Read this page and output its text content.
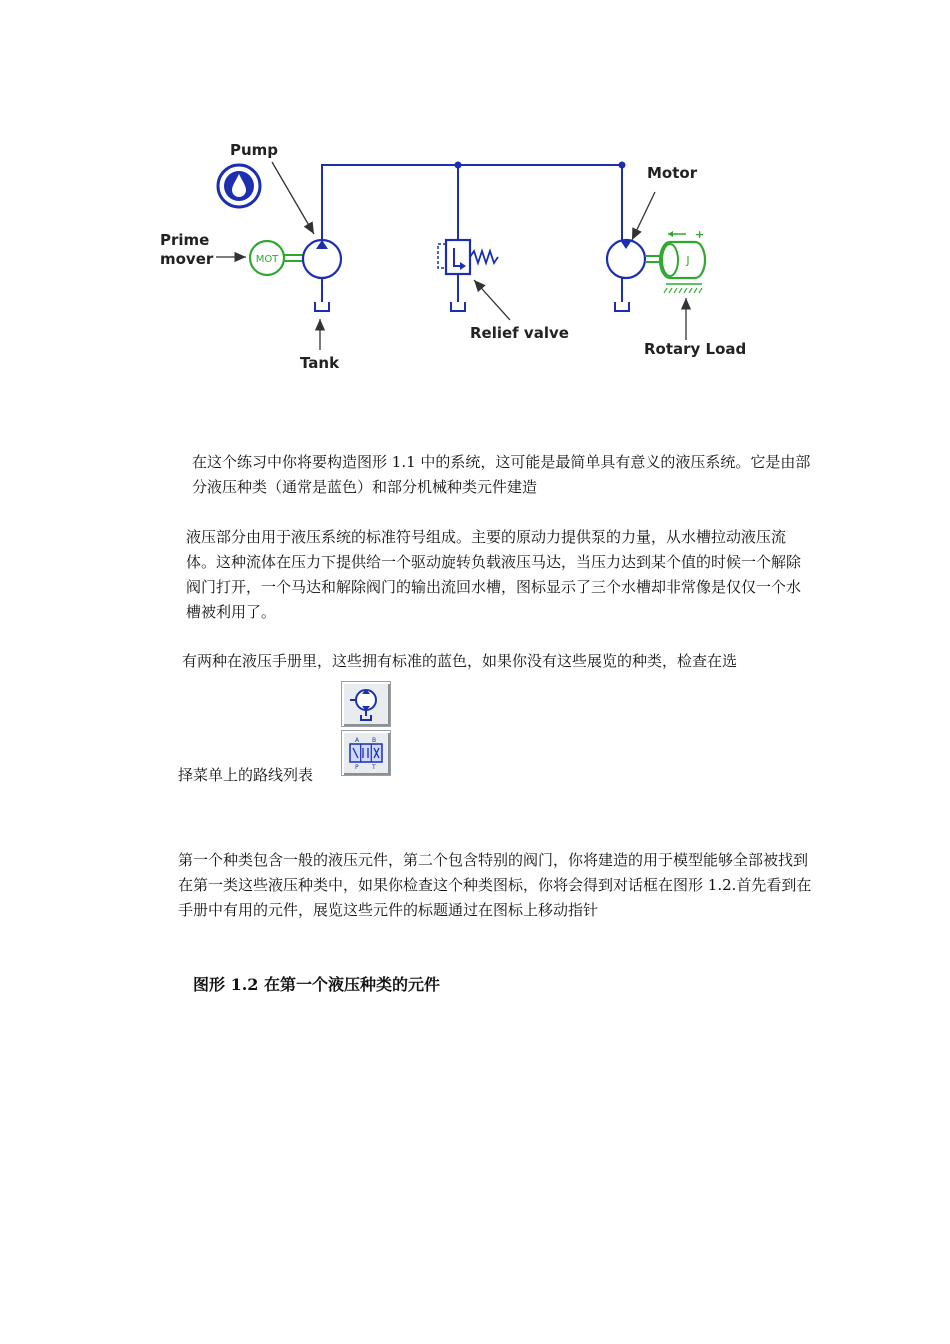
Pump
Prime
mover	MOT
Tank
Relief valve
Motor
J
+
Rotary Load

在这个练习中你将要构造图形 1.1 中的系统，这可能是最简单具有意义的液压系统。它是由部分液压种类（通常是蓝色）和部分机械种类元件建造

液压部分由用于液压系统的标准符号组成。主要的原动力提供泵的力量，从水槽拉动液压流体。这种流体在压力下提供给一个驱动旋转负载液压马达，当压力达到某个值的时候一个解除阀门打开，一个马达和解除阀门的输出流回水槽，图标显示了三个水槽却非常像是仅仅一个水槽被利用了。

有两种在液压手册里，这些拥有标准的蓝色，如果你没有这些展览的种类，检查在选

A B
P T

择菜单上的路线列表

第一个种类包含一般的液压元件，第二个包含特别的阀门，你将建造的用于模型能够全部被找到在第一类这些液压种类中，如果你检查这个种类图标，你将会得到对话框在图形 1.2.首先看到在手册中有用的元件，展览这些元件的标题通过在图标上移动指针

图形 1.2 在第一个液压种类的元件
